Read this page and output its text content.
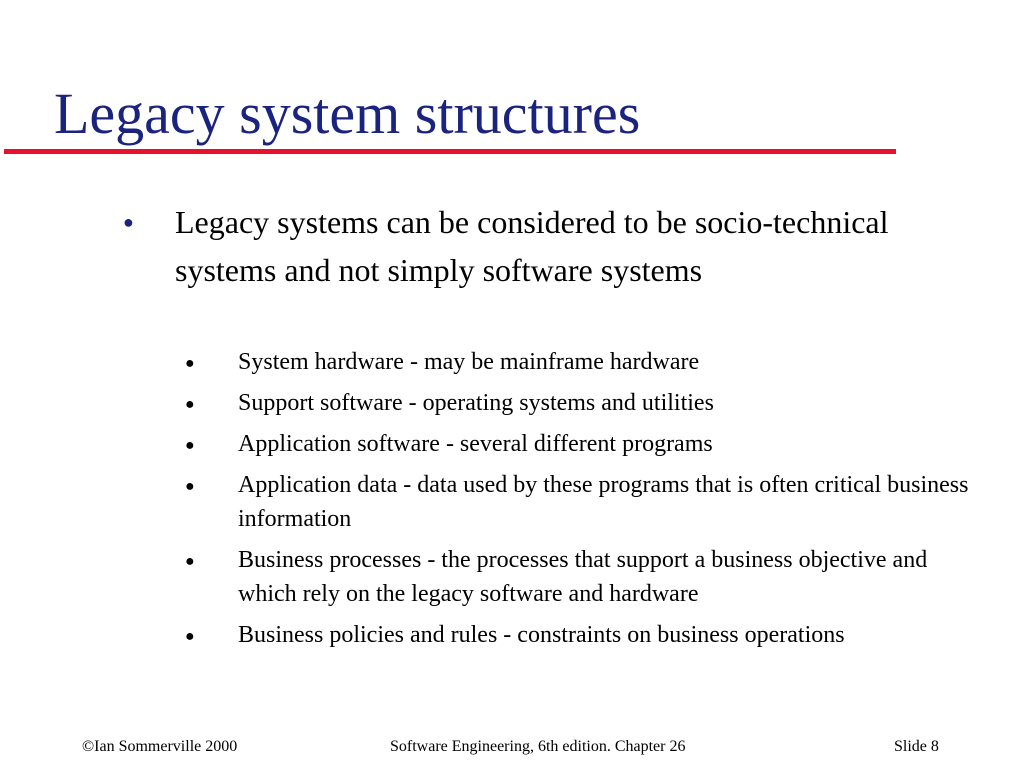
Legacy system structures
● Legacy systems can be considered to be socio-technical systems and not simply software systems
● System hardware - may be mainframe hardware
● Support software - operating systems and utilities
● Application software - several different programs
● Application data - data used by these programs that is often critical business information
● Business processes - the processes that support a business objective and which rely on the legacy software and hardware
● Business policies and rules - constraints on business operations
©Ian Sommerville 2000	Software Engineering, 6th edition. Chapter 26	Slide 8
